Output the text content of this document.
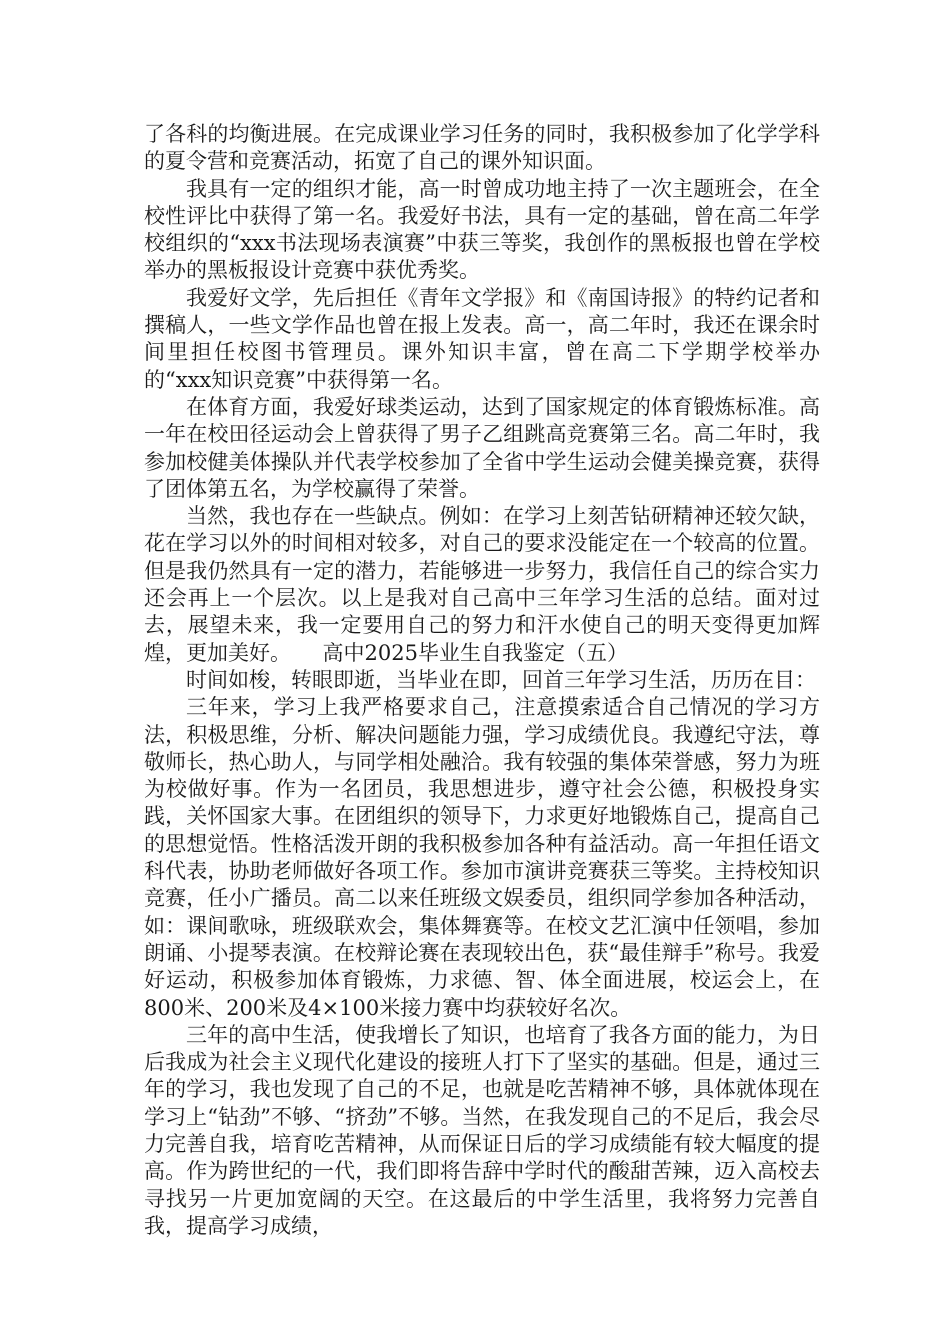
了各科的均衡进展。在完成课业学习任务的同时，我积极参加了化学学科的夏令营和竞赛活动，拓宽了自己的课外知识面。

我具有一定的组织才能，高一时曾成功地主持了一次主题班会，在全校性评比中获得了第一名。我爱好书法，具有一定的基础，曾在高二年学校组织的“xxx书法现场表演赛”中获三等奖，我创作的黑板报也曾在学校举办的黑板报设计竞赛中获优秀奖。

我爱好文学，先后担任《青年文学报》和《南国诗报》的特约记者和撰稿人，一些文学作品也曾在报上发表。高一，高二年时，我还在课余时间里担任校图书管理员。课外知识丰富，曾在高二下学期学校举办的“xxx知识竞赛”中获得第一名。

在体育方面，我爱好球类运动，达到了国家规定的体育锻炼标准。高一年在校田径运动会上曾获得了男子乙组跳高竞赛第三名。高二年时，我参加校健美体操队并代表学校参加了全省中学生运动会健美操竞赛，获得了团体第五名，为学校赢得了荣誉。

当然，我也存在一些缺点。例如：在学习上刻苦钻研精神还较欠缺，花在学习以外的时间相对较多，对自己的要求没能定在一个较高的位置。但是我仍然具有一定的潜力，若能够进一步努力，我信任自己的综合实力还会再上一个层次。以上是我对自己高中三年学习生活的总结。面对过去，展望未来，我一定要用自己的努力和汗水使自己的明天变得更加辉煌，更加美好。　　高中2025毕业生自我鉴定（五）

时间如梭，转眼即逝，当毕业在即，回首三年学习生活，历历在目：

三年来，学习上我严格要求自己，注意摸索适合自己情况的学习方法，积极思维，分析、解决问题能力强，学习成绩优良。我遵纪守法，尊敬师长，热心助人，与同学相处融洽。我有较强的集体荣誉感，努力为班为校做好事。作为一名团员，我思想进步，遵守社会公德，积极投身实践，关怀国家大事。在团组织的领导下，力求更好地锻炼自己，提高自己的思想觉悟。性格活泼开朗的我积极参加各种有益活动。高一年担任语文科代表，协助老师做好各项工作。参加市演讲竞赛获三等奖。主持校知识竞赛，任小广播员。高二以来任班级文娱委员，组织同学参加各种活动，如：课间歌咏，班级联欢会，集体舞赛等。在校文艺汇演中任领唱，参加朗诵、小提琴表演。在校辩论赛在表现较出色，获“最佳辩手”称号。我爱好运动，积极参加体育锻炼，力求德、智、体全面进展，校运会上，在800米、200米及4×100米接力赛中均获较好名次。

三年的高中生活，使我增长了知识，也培育了我各方面的能力，为日后我成为社会主义现代化建设的接班人打下了坚实的基础。但是，通过三年的学习，我也发现了自己的不足，也就是吃苦精神不够，具体就体现在学习上“钻劲”不够、“挤劲”不够。当然，在我发现自己的不足后，我会尽力完善自我，培育吃苦精神，从而保证日后的学习成绩能有较大幅度的提高。作为跨世纪的一代，我们即将告辞中学时代的酸甜苦辣，迈入高校去寻找另一片更加宽阔的天空。在这最后的中学生活里，我将努力完善自我，提高学习成绩，
